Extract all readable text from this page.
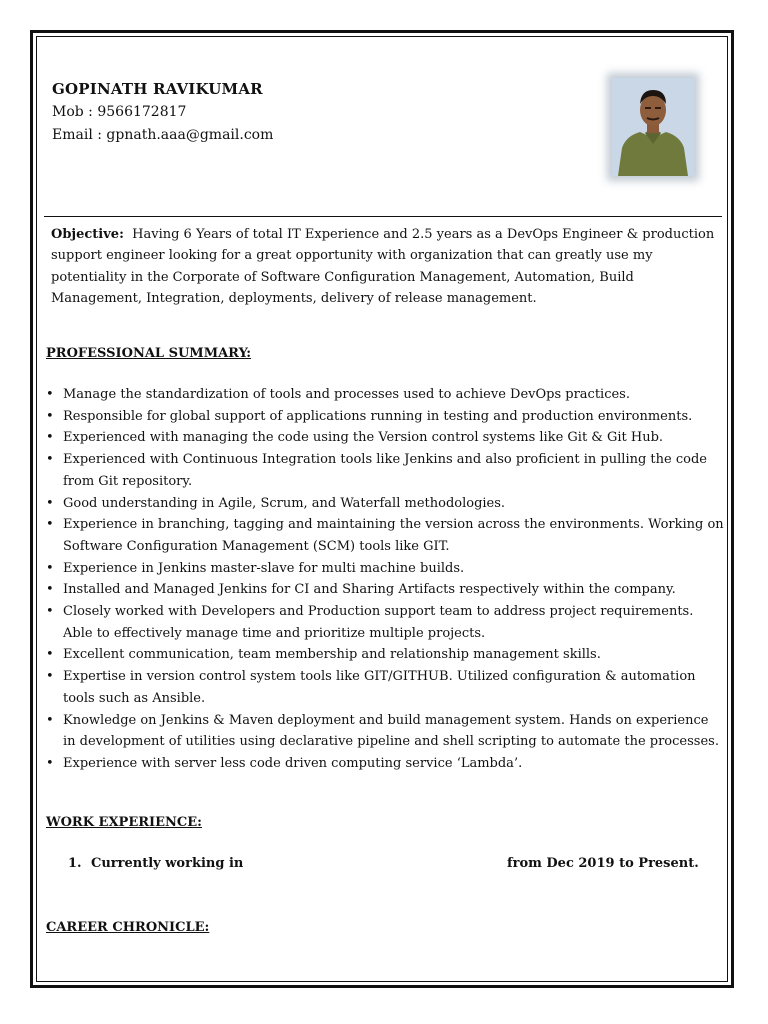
GOPINATH RAVIKUMAR
Mob : 9566172817
Email : gpnath.aaa@gmail.com
Objective: Having 6 Years of total IT Experience and 2.5 years as a DevOps Engineer & production support engineer looking for a great opportunity with organization that can greatly use my potentiality in the Corporate of Software Configuration Management, Automation, Build Management, Integration, deployments, delivery of release management.
PROFESSIONAL SUMMARY:
• Manage the standardization of tools and processes used to achieve DevOps practices.
• Responsible for global support of applications running in testing and production environments.
• Experienced with managing the code using the Version control systems like Git & Git Hub.
• Experienced with Continuous Integration tools like Jenkins and also proficient in pulling the code from Git repository.
• Good understanding in Agile, Scrum, and Waterfall methodologies.
• Experience in branching, tagging and maintaining the version across the environments. Working on Software Configuration Management (SCM) tools like GIT.
• Experience in Jenkins master-slave for multi machine builds.
• Installed and Managed Jenkins for CI and Sharing Artifacts respectively within the company.
• Closely worked with Developers and Production support team to address project requirements. Able to effectively manage time and prioritize multiple projects.
• Excellent communication, team membership and relationship management skills.
• Expertise in version control system tools like GIT/GITHUB. Utilized configuration & automation tools such as Ansible.
• Knowledge on Jenkins & Maven deployment and build management system. Hands on experience in development of utilities using declarative pipeline and shell scripting to automate the processes.
• Experience with server less code driven computing service ‘Lambda’.
WORK EXPERIENCE:
1. Currently working in	from Dec 2019 to Present.
CAREER CHRONICLE:
